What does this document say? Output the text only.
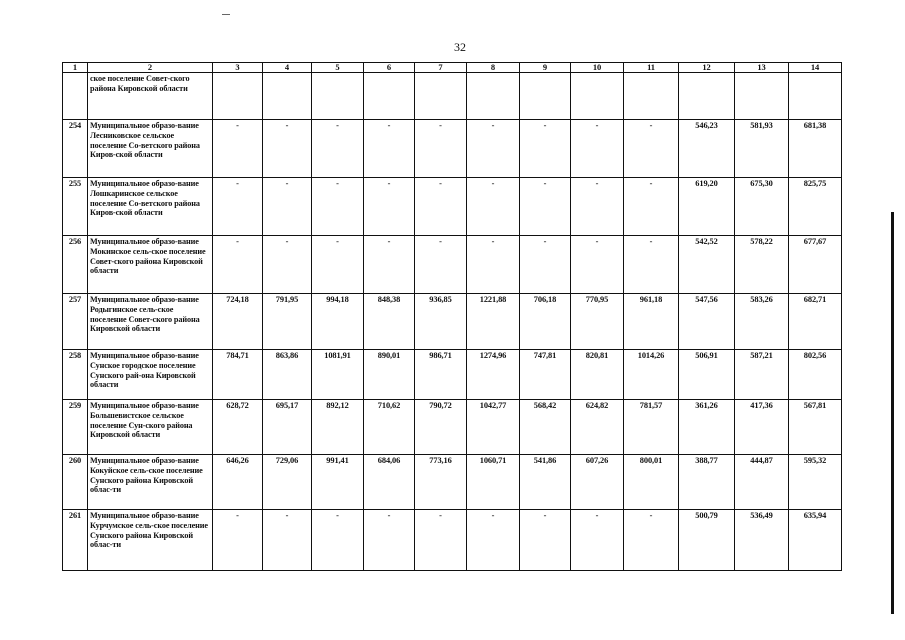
32
1	2	3	4	5	6	7	8	9	10	11	12	13	14
	ское поселение Совет-ского района Кировской области												
254	Муниципальное образо-вание Лесниковское сельское поселение Со-ветского района Киров-ской области	-	-	-	-	-	-	-	-	-	546,23	581,93	681,38
255	Муниципальное образо-вание Лошкаринское сельское поселение Со-ветского района Киров-ской области	-	-	-	-	-	-	-	-	-	619,20	675,30	825,75
256	Муниципальное образо-вание Мокинское сель-ское поселение Совет-ского района Кировской области	-	-	-	-	-	-	-	-	-	542,52	578,22	677,67
257	Муниципальное образо-вание Родыгинское сель-ское поселение Совет-ского района Кировской области	724,18	791,95	994,18	848,38	936,85	1221,88	706,18	770,95	961,18	547,56	583,26	682,71
258	Муниципальное образо-вание Сунское городское поселение Сунского рай-она Кировской области	784,71	863,86	1081,91	890,01	986,71	1274,96	747,81	820,81	1014,26	506,91	587,21	802,56
259	Муниципальное образо-вание Большевистское сельское поселение Сун-ского района Кировской области	628,72	695,17	892,12	710,62	790,72	1042,77	568,42	624,82	781,57	361,26	417,36	567,81
260	Муниципальное образо-вание Кокуйское сель-ское поселение Сунского района Кировской облас-ти	646,26	729,06	991,41	684,06	773,16	1060,71	541,86	607,26	800,01	388,77	444,87	595,32
261	Муниципальное образо-вание Курчумское сель-ское поселение Сунского района Кировской облас-ти	-	-	-	-	-	-	-	-	-	500,79	536,49	635,94
